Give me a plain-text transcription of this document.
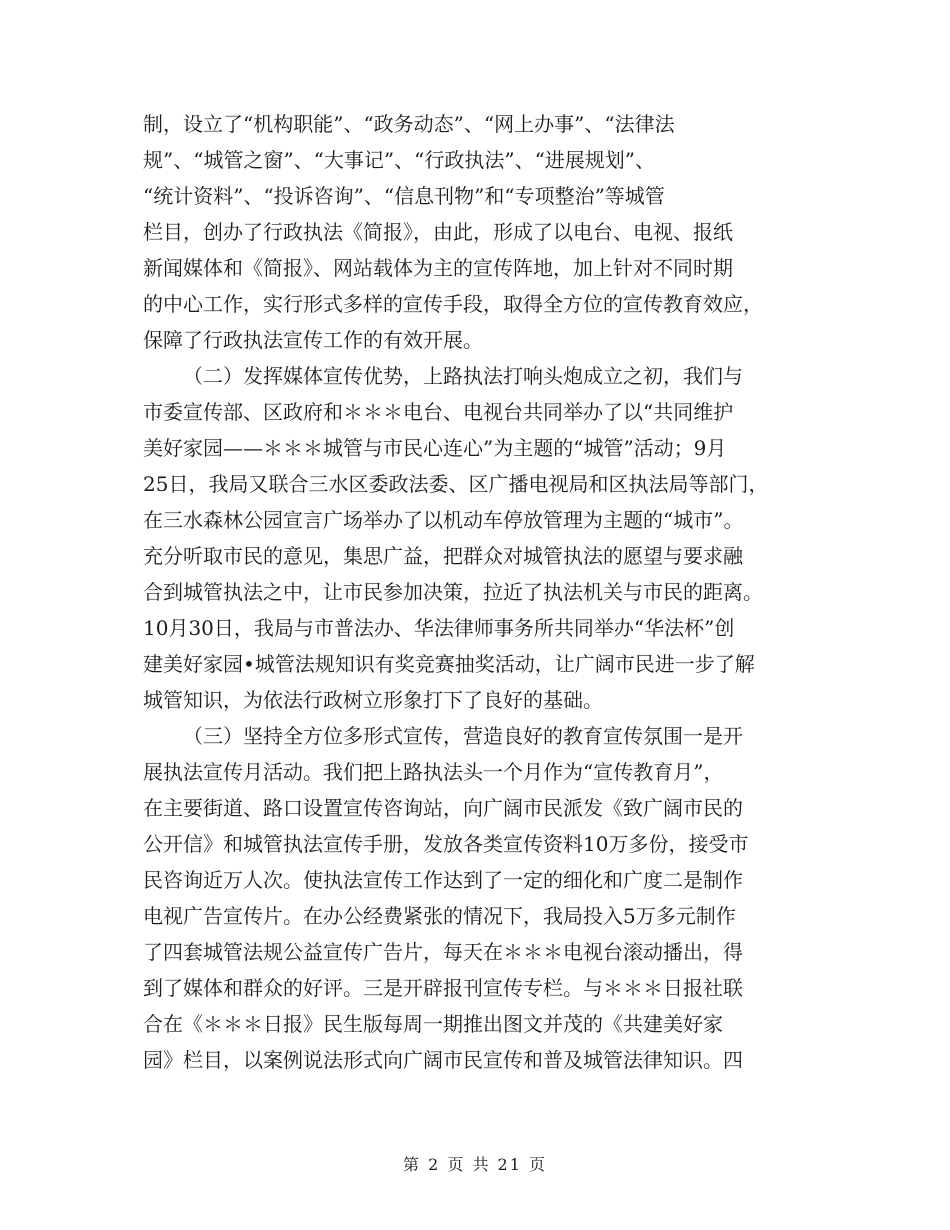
制，设立了“机构职能”、“政务动态”、“网上办事”、“法律法
规”、“城管之窗”、“大事记”、“行政执法”、“进展规划”、
“统计资料”、“投诉咨询”、“信息刊物”和“专项整治”等城管
栏目，创办了行政执法《简报》，由此，形成了以电台、电视、报纸
新闻媒体和《简报》、网站载体为主的宣传阵地，加上针对不同时期
的中心工作，实行形式多样的宣传手段，取得全方位的宣传教育效应，
保障了行政执法宣传工作的有效开展。
（二）发挥媒体宣传优势，上路执法打响头炮成立之初，我们与
市委宣传部、区政府和＊＊＊电台、电视台共同举办了以“共同维护
美好家园——＊＊＊城管与市民心连心”为主题的“城管”活动；9月
25日，我局又联合三水区委政法委、区广播电视局和区执法局等部门，
在三水森林公园宣言广场举办了以机动车停放管理为主题的“城市”。
充分听取市民的意见，集思广益，把群众对城管执法的愿望与要求融
合到城管执法之中，让市民参加决策，拉近了执法机关与市民的距离。
10月30日，我局与市普法办、华法律师事务所共同举办“华法杯”创
建美好家园•城管法规知识有奖竞赛抽奖活动，让广阔市民进一步了解
城管知识，为依法行政树立形象打下了良好的基础。
（三）坚持全方位多形式宣传，营造良好的教育宣传氛围一是开
展执法宣传月活动。我们把上路执法头一个月作为“宣传教育月”，
在主要街道、路口设置宣传咨询站，向广阔市民派发《致广阔市民的
公开信》和城管执法宣传手册，发放各类宣传资料10万多份，接受市
民咨询近万人次。使执法宣传工作达到了一定的细化和广度二是制作
电视广告宣传片。在办公经费紧张的情况下，我局投入5万多元制作
了四套城管法规公益宣传广告片，每天在＊＊＊电视台滚动播出，得
到了媒体和群众的好评。三是开辟报刊宣传专栏。与＊＊＊日报社联
合在《＊＊＊日报》民生版每周一期推出图文并茂的《共建美好家
园》栏目，以案例说法形式向广阔市民宣传和普及城管法律知识。四
第 2 页 共 21 页
